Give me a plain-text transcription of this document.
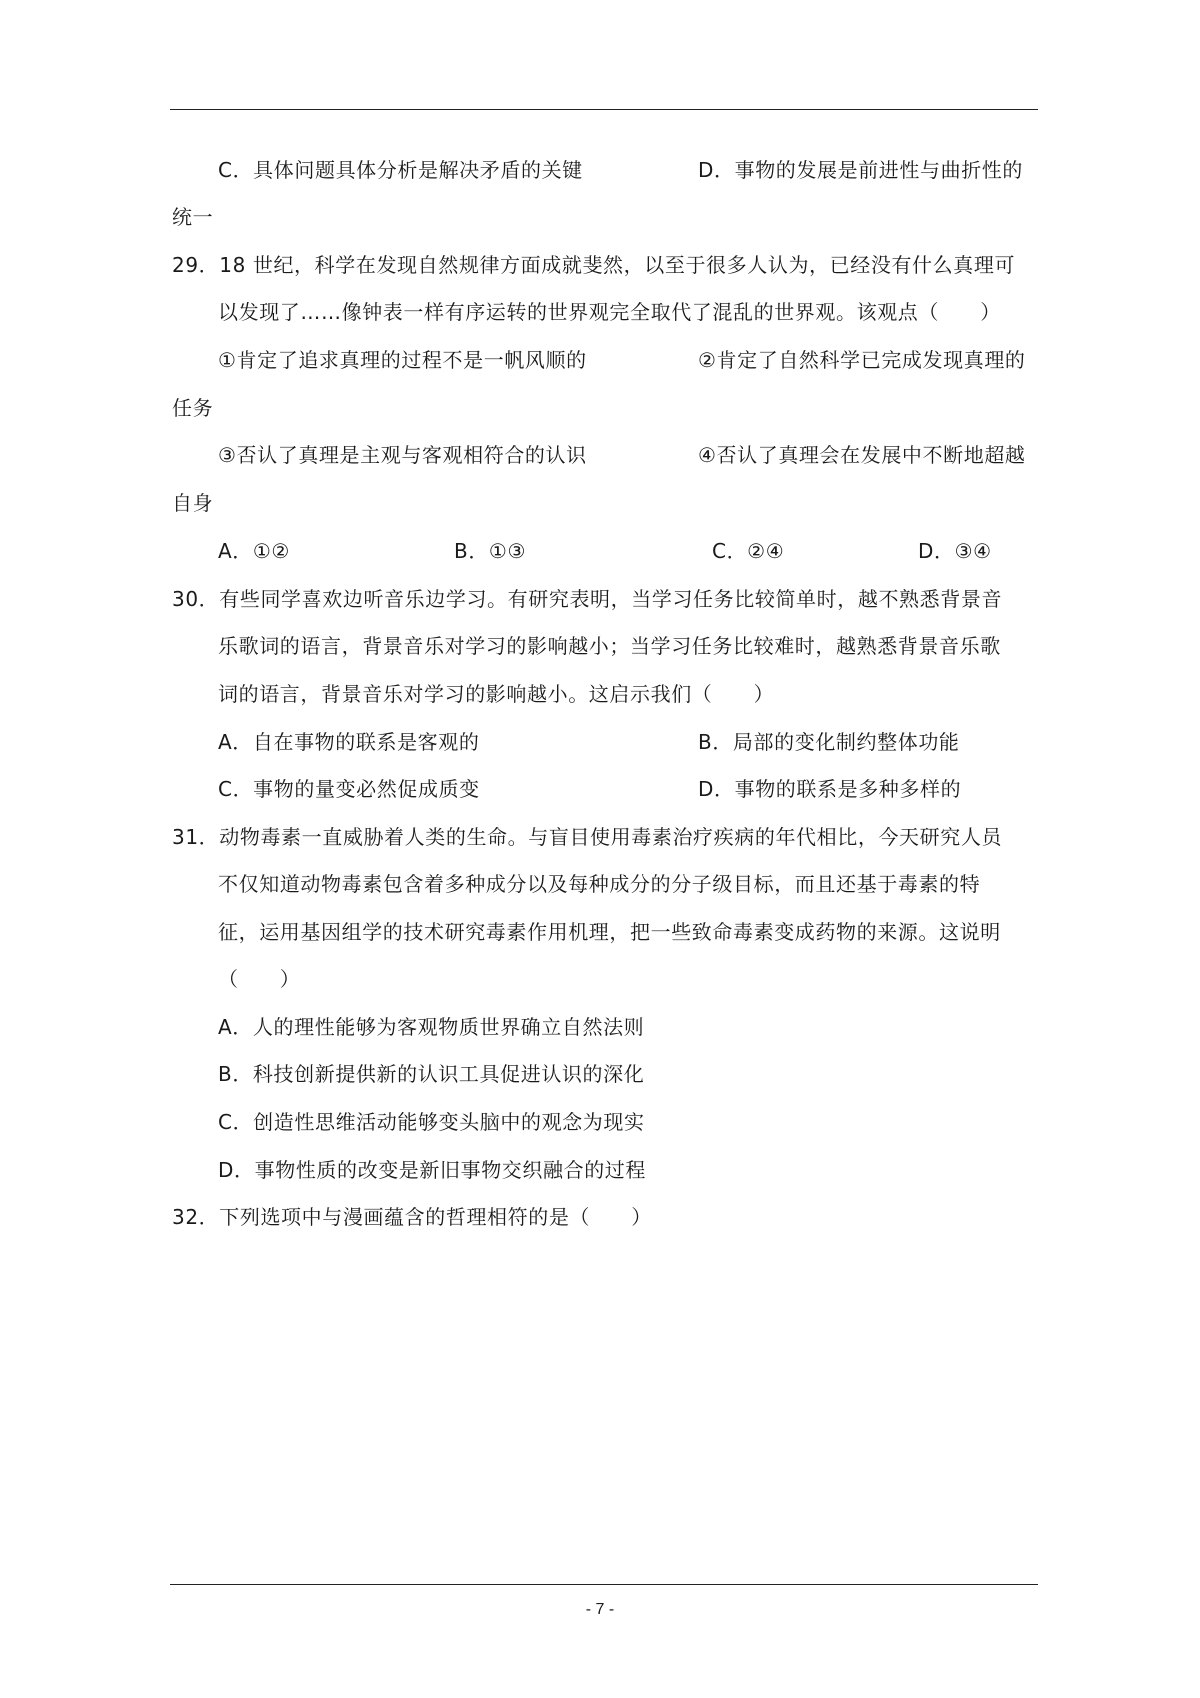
C．具体问题具体分析是解决矛盾的关键	D．事物的发展是前进性与曲折性的
统一
29．18 世纪，科学在发现自然规律方面成就斐然，以至于很多人认为，已经没有什么真理可
以发现了……像钟表一样有序运转的世界观完全取代了混乱的世界观。该观点（　　）
①肯定了追求真理的过程不是一帆风顺的	②肯定了自然科学已完成发现真理的
任务
③否认了真理是主观与客观相符合的认识	④否认了真理会在发展中不断地超越
自身
A．①②	B．①③	C．②④	D．③④
30．有些同学喜欢边听音乐边学习。有研究表明，当学习任务比较简单时，越不熟悉背景音
乐歌词的语言，背景音乐对学习的影响越小；当学习任务比较难时，越熟悉背景音乐歌
词的语言，背景音乐对学习的影响越小。这启示我们（　　）
A．自在事物的联系是客观的	B．局部的变化制约整体功能
C．事物的量变必然促成质变	D．事物的联系是多种多样的
31．动物毒素一直威胁着人类的生命。与盲目使用毒素治疗疾病的年代相比，今天研究人员
不仅知道动物毒素包含着多种成分以及每种成分的分子级目标，而且还基于毒素的特
征，运用基因组学的技术研究毒素作用机理，把一些致命毒素变成药物的来源。这说明
（　　）
A．人的理性能够为客观物质世界确立自然法则
B．科技创新提供新的认识工具促进认识的深化
C．创造性思维活动能够变头脑中的观念为现实
D．事物性质的改变是新旧事物交织融合的过程
32．下列选项中与漫画蕴含的哲理相符的是（　　）
- 7 -
